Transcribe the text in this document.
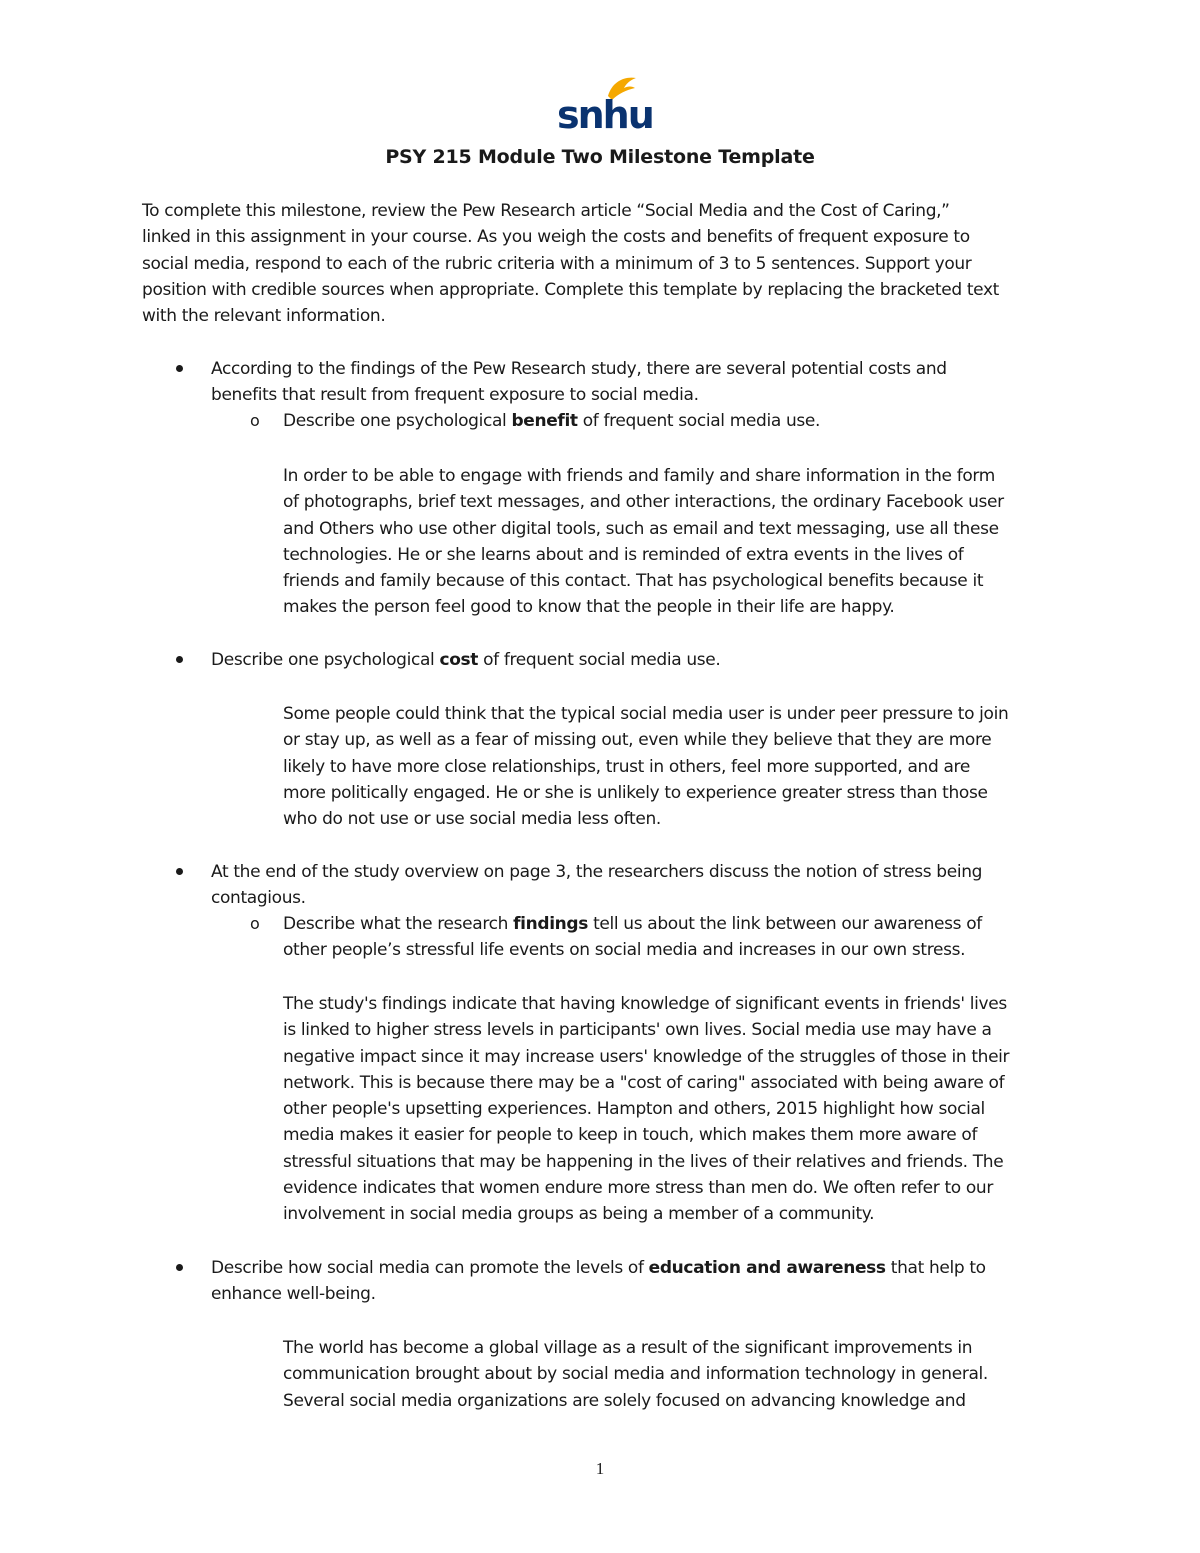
snhu
PSY 215 Module Two Milestone Template

To complete this milestone, review the Pew Research article “Social Media and the Cost of Caring,”

linked in this assignment in your course. As you weigh the costs and benefits of frequent exposure to

social media, respond to each of the rubric criteria with a minimum of 3 to 5 sentences. Support your

position with credible sources when appropriate. Complete this template by replacing the bracketed text

with the relevant information.

According to the findings of the Pew Research study, there are several potential costs and

benefits that result from frequent exposure to social media.

o Describe one psychological benefit of frequent social media use.

In order to be able to engage with friends and family and share information in the form

of photographs, brief text messages, and other interactions, the ordinary Facebook user

and Others who use other digital tools, such as email and text messaging, use all these

technologies. He or she learns about and is reminded of extra events in the lives of

friends and family because of this contact. That has psychological benefits because it

makes the person feel good to know that the people in their life are happy.

Describe one psychological cost of frequent social media use.

Some people could think that the typical social media user is under peer pressure to join

or stay up, as well as a fear of missing out, even while they believe that they are more

likely to have more close relationships, trust in others, feel more supported, and are

more politically engaged. He or she is unlikely to experience greater stress than those

who do not use or use social media less often.

At the end of the study overview on page 3, the researchers discuss the notion of stress being

contagious.

o Describe what the research findings tell us about the link between our awareness of

other people’s stressful life events on social media and increases in our own stress.

The study's findings indicate that having knowledge of significant events in friends' lives

is linked to higher stress levels in participants' own lives. Social media use may have a

negative impact since it may increase users' knowledge of the struggles of those in their

network. This is because there may be a "cost of caring" associated with being aware of

other people's upsetting experiences. Hampton and others, 2015 highlight how social

media makes it easier for people to keep in touch, which makes them more aware of

stressful situations that may be happening in the lives of their relatives and friends. The

evidence indicates that women endure more stress than men do. We often refer to our

involvement in social media groups as being a member of a community.

Describe how social media can promote the levels of education and awareness that help to

enhance well-being.

The world has become a global village as a result of the significant improvements in

communication brought about by social media and information technology in general.

Several social media organizations are solely focused on advancing knowledge and

1
